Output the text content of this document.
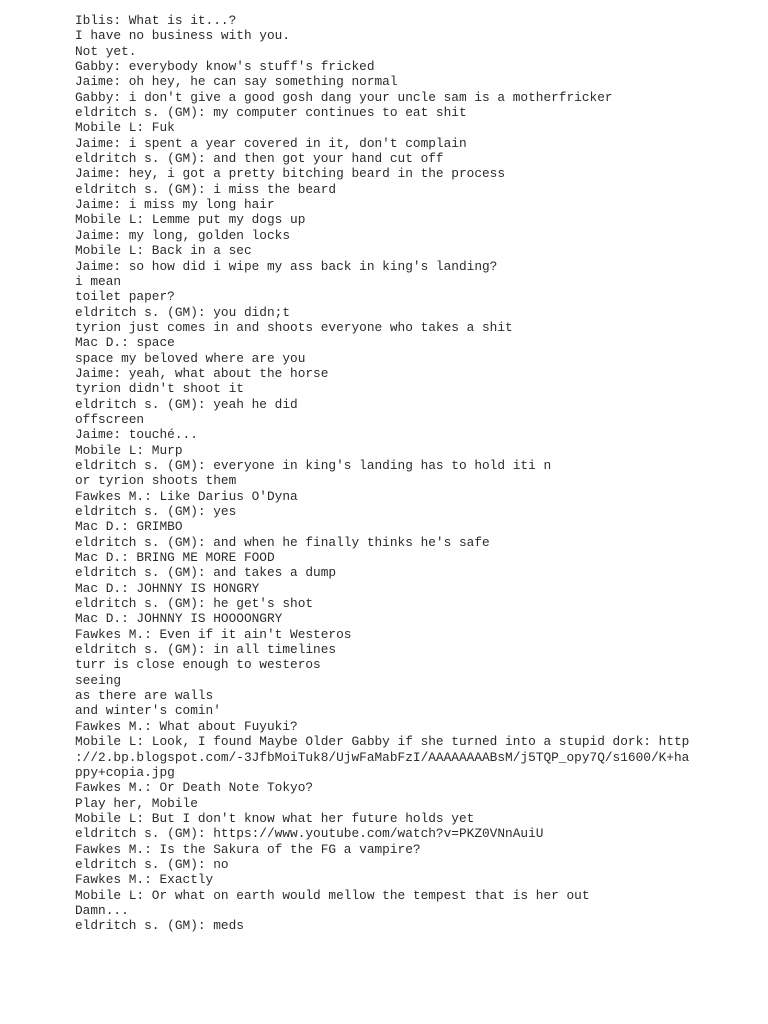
Iblis: What is it...?
I have no business with you.
Not yet.
Gabby: everybody know's stuff's fricked
Jaime: oh hey, he can say something normal
Gabby: i don't give a good gosh dang your uncle sam is a motherfricker
eldritch s. (GM): my computer continues to eat shit
Mobile L: Fuk
Jaime: i spent a year covered in it, don't complain
eldritch s. (GM): and then got your hand cut off
Jaime: hey, i got a pretty bitching beard in the process
eldritch s. (GM): i miss the beard
Jaime: i miss my long hair
Mobile L: Lemme put my dogs up
Jaime: my long, golden locks
Mobile L: Back in a sec
Jaime: so how did i wipe my ass back in king's landing?
i mean
toilet paper?
eldritch s. (GM): you didn;t
tyrion just comes in and shoots everyone who takes a shit
Mac D.: space
space my beloved where are you
Jaime: yeah, what about the horse
tyrion didn't shoot it
eldritch s. (GM): yeah he did
offscreen
Jaime: touché...
Mobile L: Murp
eldritch s. (GM): everyone in king's landing has to hold iti n
or tyrion shoots them
Fawkes M.: Like Darius O'Dyna
eldritch s. (GM): yes
Mac D.: GRIMBO
eldritch s. (GM): and when he finally thinks he's safe
Mac D.: BRING ME MORE FOOD
eldritch s. (GM): and takes a dump
Mac D.: JOHNNY IS HONGRY
eldritch s. (GM): he get's shot
Mac D.: JOHNNY IS HOOOONGRY
Fawkes M.: Even if it ain't Westeros
eldritch s. (GM): in all timelines
turr is close enough to westeros
seeing
as there are walls
and winter's comin'
Fawkes M.: What about Fuyuki?
Mobile L: Look, I found Maybe Older Gabby if she turned into a stupid dork: http
://2.bp.blogspot.com/-3JfbMoiTuk8/UjwFaMabFzI/AAAAAAAABsM/j5TQP_opy7Q/s1600/K+ha
ppy+copia.jpg
Fawkes M.: Or Death Note Tokyo?
Play her, Mobile
Mobile L: But I don't know what her future holds yet
eldritch s. (GM): https://www.youtube.com/watch?v=PKZ0VNnAuiU
Fawkes M.: Is the Sakura of the FG a vampire?
eldritch s. (GM): no
Fawkes M.: Exactly
Mobile L: Or what on earth would mellow the tempest that is her out
Damn...
eldritch s. (GM): meds
